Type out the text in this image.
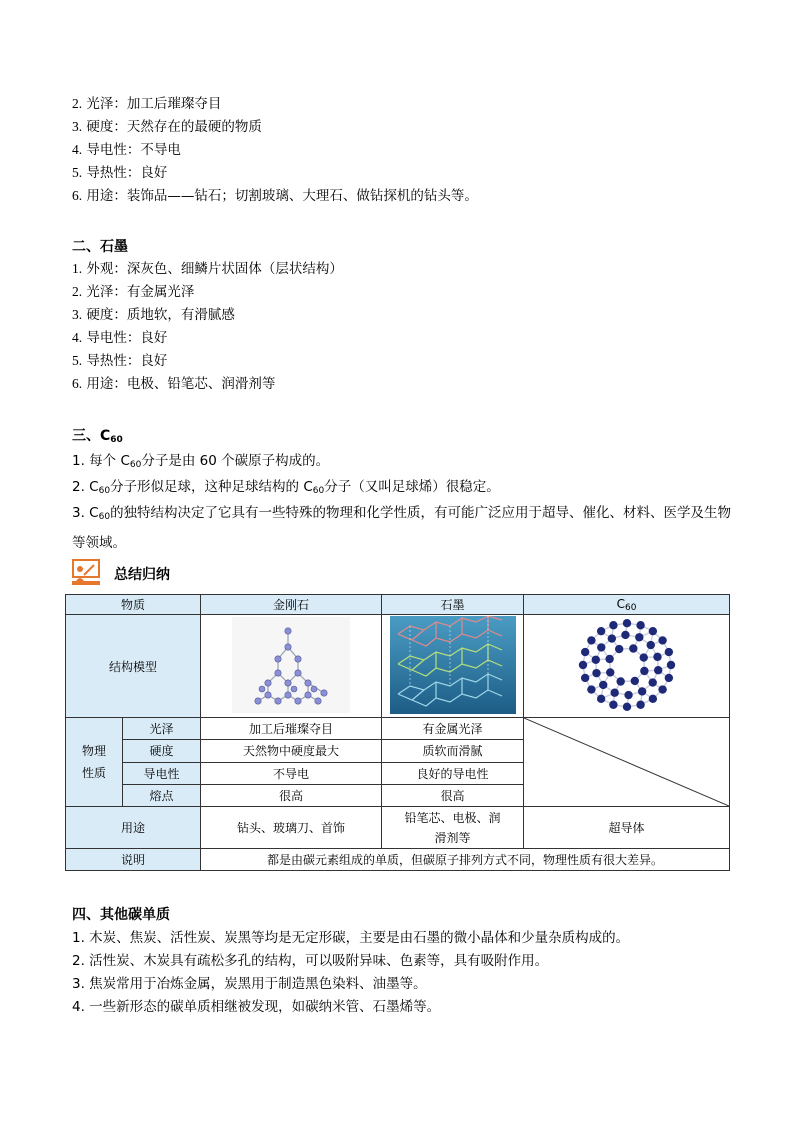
2. 光泽：加工后璀璨夺目
3. 硬度：天然存在的最硬的物质
4. 导电性：不导电
5. 导热性：良好
6. 用途：装饰品——钻石；切割玻璃、大理石、做钻探机的钻头等。
二、石墨
1. 外观：深灰色、细鳞片状固体（层状结构）
2. 光泽：有金属光泽
3. 硬度：质地软，有滑腻感
4. 导电性：良好
5. 导热性：良好
6. 用途：电极、铅笔芯、润滑剂等
三、$C_{60}$
1. 每个 $C_{60}$分子是由 60 个碳原子构成的。
2. $C_{60}$分子形似足球，这种足球结构的 $C_{60}$分子（又叫足球烯）很稳定。
3. $C_{60}$的独特结构决定了它具有一些特殊的物理和化学性质，有可能广泛应用于超导、催化、材料、医学及生物等领域。
总结归纳
物质		金刚石	石墨	$C_{60}$
结构模型			

物理性质	光泽	加工后璀璨夺目	有金属光泽	

	硬度	天然物中硬度最大	质软而滑腻	
	导电性	不导电	良好的导电性	
	熔点	很高	很高	
用途		钻头、玻璃刀、首饰	铅笔芯、电极、润滑剂等	超导体
说明		都是由碳元素组成的单质，但碳原子排列方式不同，物理性质有很大差异。		
四、其他碳单质
1. 木炭、焦炭、活性炭、炭黑等均是无定形碳，主要是由石墨的微小晶体和少量杂质构成的。
2. 活性炭、木炭具有疏松多孔的结构，可以吸附异味、色素等，具有吸附作用。
3. 焦炭常用于冶炼金属，炭黑用于制造黑色染料、油墨等。
4. 一些新形态的碳单质相继被发现，如碳纳米管、石墨烯等。
